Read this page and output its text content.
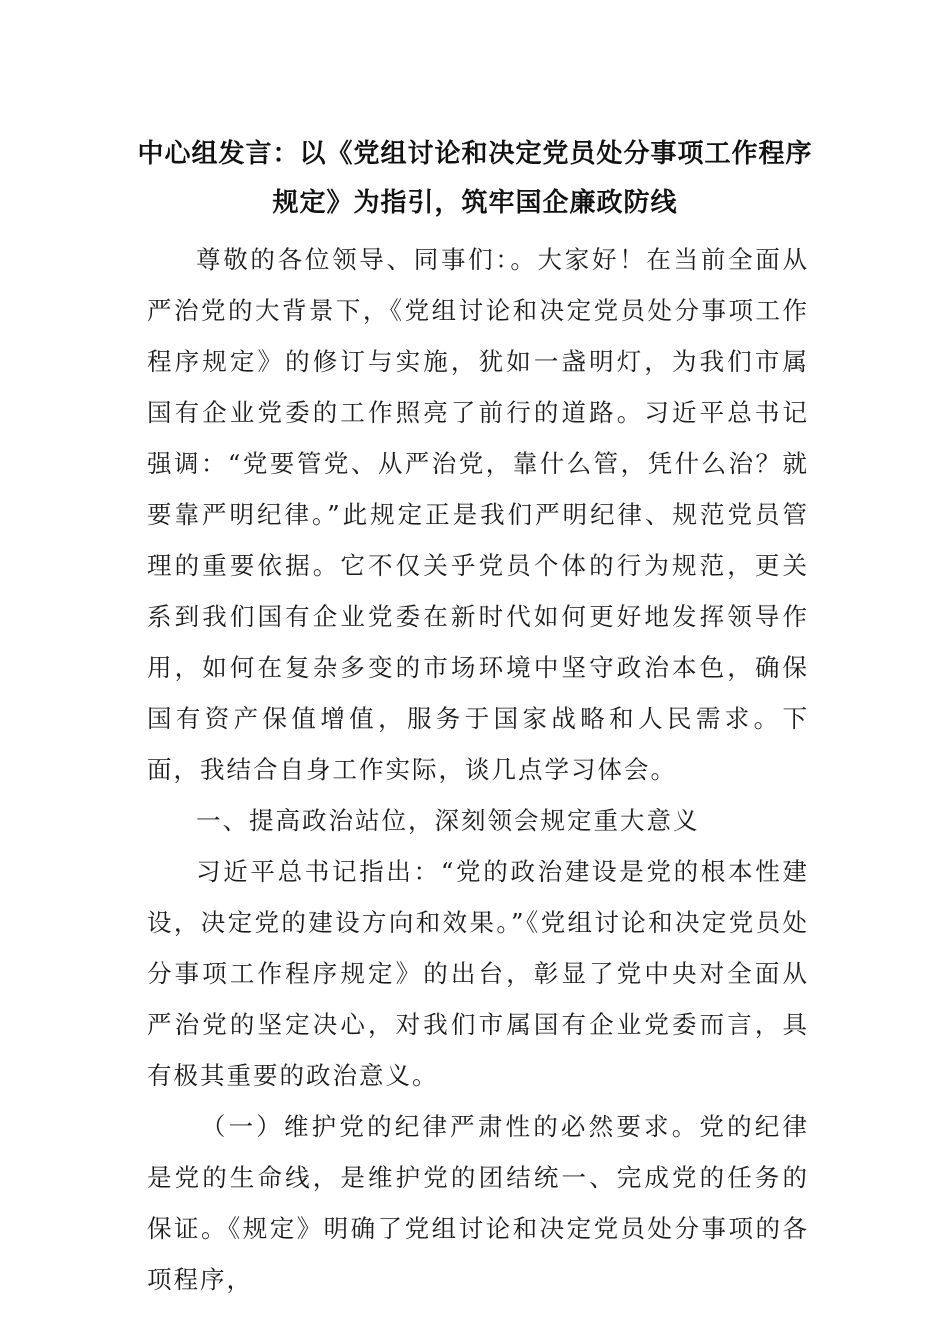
中心组发言：以《党组讨论和决定党员处分事项工作程序
规定》为指引，筑牢国企廉政防线

尊敬的各位领导、同事们：。大家好！在当前全面从严治党的大背景下，《党组讨论和决定党员处分事项工作程序规定》的修订与实施，犹如一盏明灯，为我们市属国有企业党委的工作照亮了前行的道路。习近平总书记强调：“党要管党、从严治党，靠什么管，凭什么治？就要靠严明纪律。”此规定正是我们严明纪律、规范党员管理的重要依据。它不仅关乎党员个体的行为规范，更关系到我们国有企业党委在新时代如何更好地发挥领导作用，如何在复杂多变的市场环境中坚守政治本色，确保国有资产保值增值，服务于国家战略和人民需求。下面，我结合自身工作实际，谈几点学习体会。

一、提高政治站位，深刻领会规定重大意义

习近平总书记指出：“党的政治建设是党的根本性建设，决定党的建设方向和效果。”《党组讨论和决定党员处分事项工作程序规定》的出台，彰显了党中央对全面从严治党的坚定决心，对我们市属国有企业党委而言，具有极其重要的政治意义。

（一）维护党的纪律严肃性的必然要求。党的纪律是党的生命线，是维护党的团结统一、完成党的任务的保证。《规定》明确了党组讨论和决定党员处分事项的各项程序，
